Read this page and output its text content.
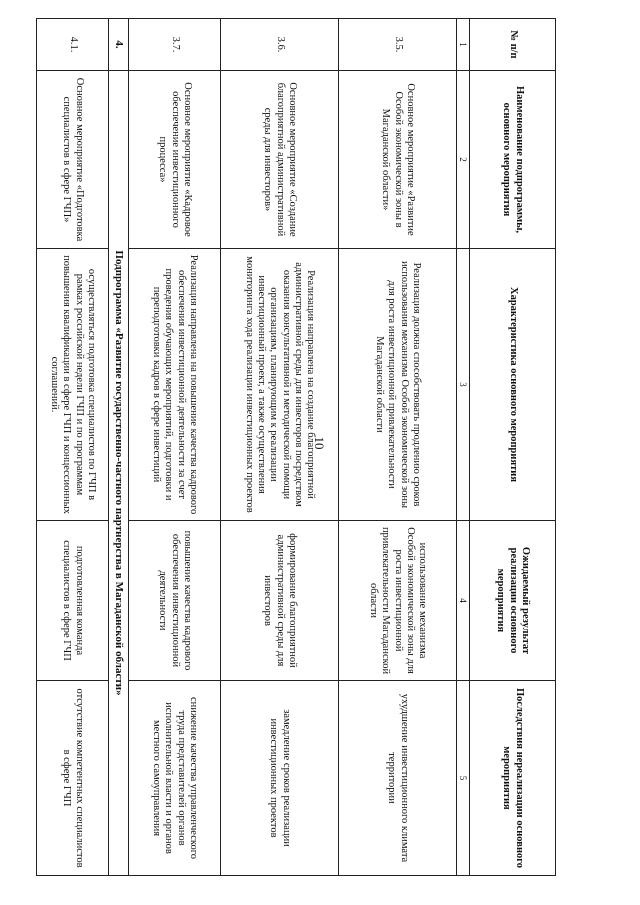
10
№ п/п	Наименование подпрограммы, основного мероприятия	Характеристика основного мероприятия	Ожидаемый результат реализации основного мероприятия	Последствия нереализации основного мероприятия
1	2	3	4	5
3.5.	Основное мероприятие «Развитие Особой экономической зоны в Магаданской области»	Реализация должна способствовать продлению сроков использования механизма Особой экономической зоны для роста инвестиционной привлекательности Магаданской области	использование механизма Особой экономической зоны для роста инвестиционной привлекательности Магаданской области	ухудшение инвестиционного климата территории
3.6.	Основное мероприятие «Создание благоприятной административной среды для инвесторов»	Реализация направлена на создание благоприятной административной среды для инвесторов посредством оказания консультативной и методической помощи организациям, планирующим к реализации инвестиционный проект, а также осуществления мониторинга хода реализации инвестиционных проектов	формирование благоприятной административной среды для инвесторов	замедление сроков реализации инвестиционных проектов
3.7.	Основное мероприятие «Кадровое обеспечение инвестиционного процесса»	Реализация направлена на повышение качества кадрового обеспечения инвестиционной деятельности за счет проведения обучающих мероприятий, подготовки и переподготовки кадров в сфере инвестиций	повышение качества кадрового обеспечения инвестиционной деятельности	снижение качества управленческого труда представителей органов исполнительной власти и органов местного самоуправления
4.	Подпрограмма «Развитие государственно-частного партнерства в Магаданской области»			
4.1.	Основное мероприятие «Подготовка специалистов в сфере ГЧП»	осуществляться подготовка специалистов по ГЧП в рамках российской недели ГЧП и по программам повышения квалификации в сфере ГЧП и концессионных соглашений.	подготовленная команда специалистов в сфере ГЧП	отсутствие компетентных специалистов в сфере ГЧП
